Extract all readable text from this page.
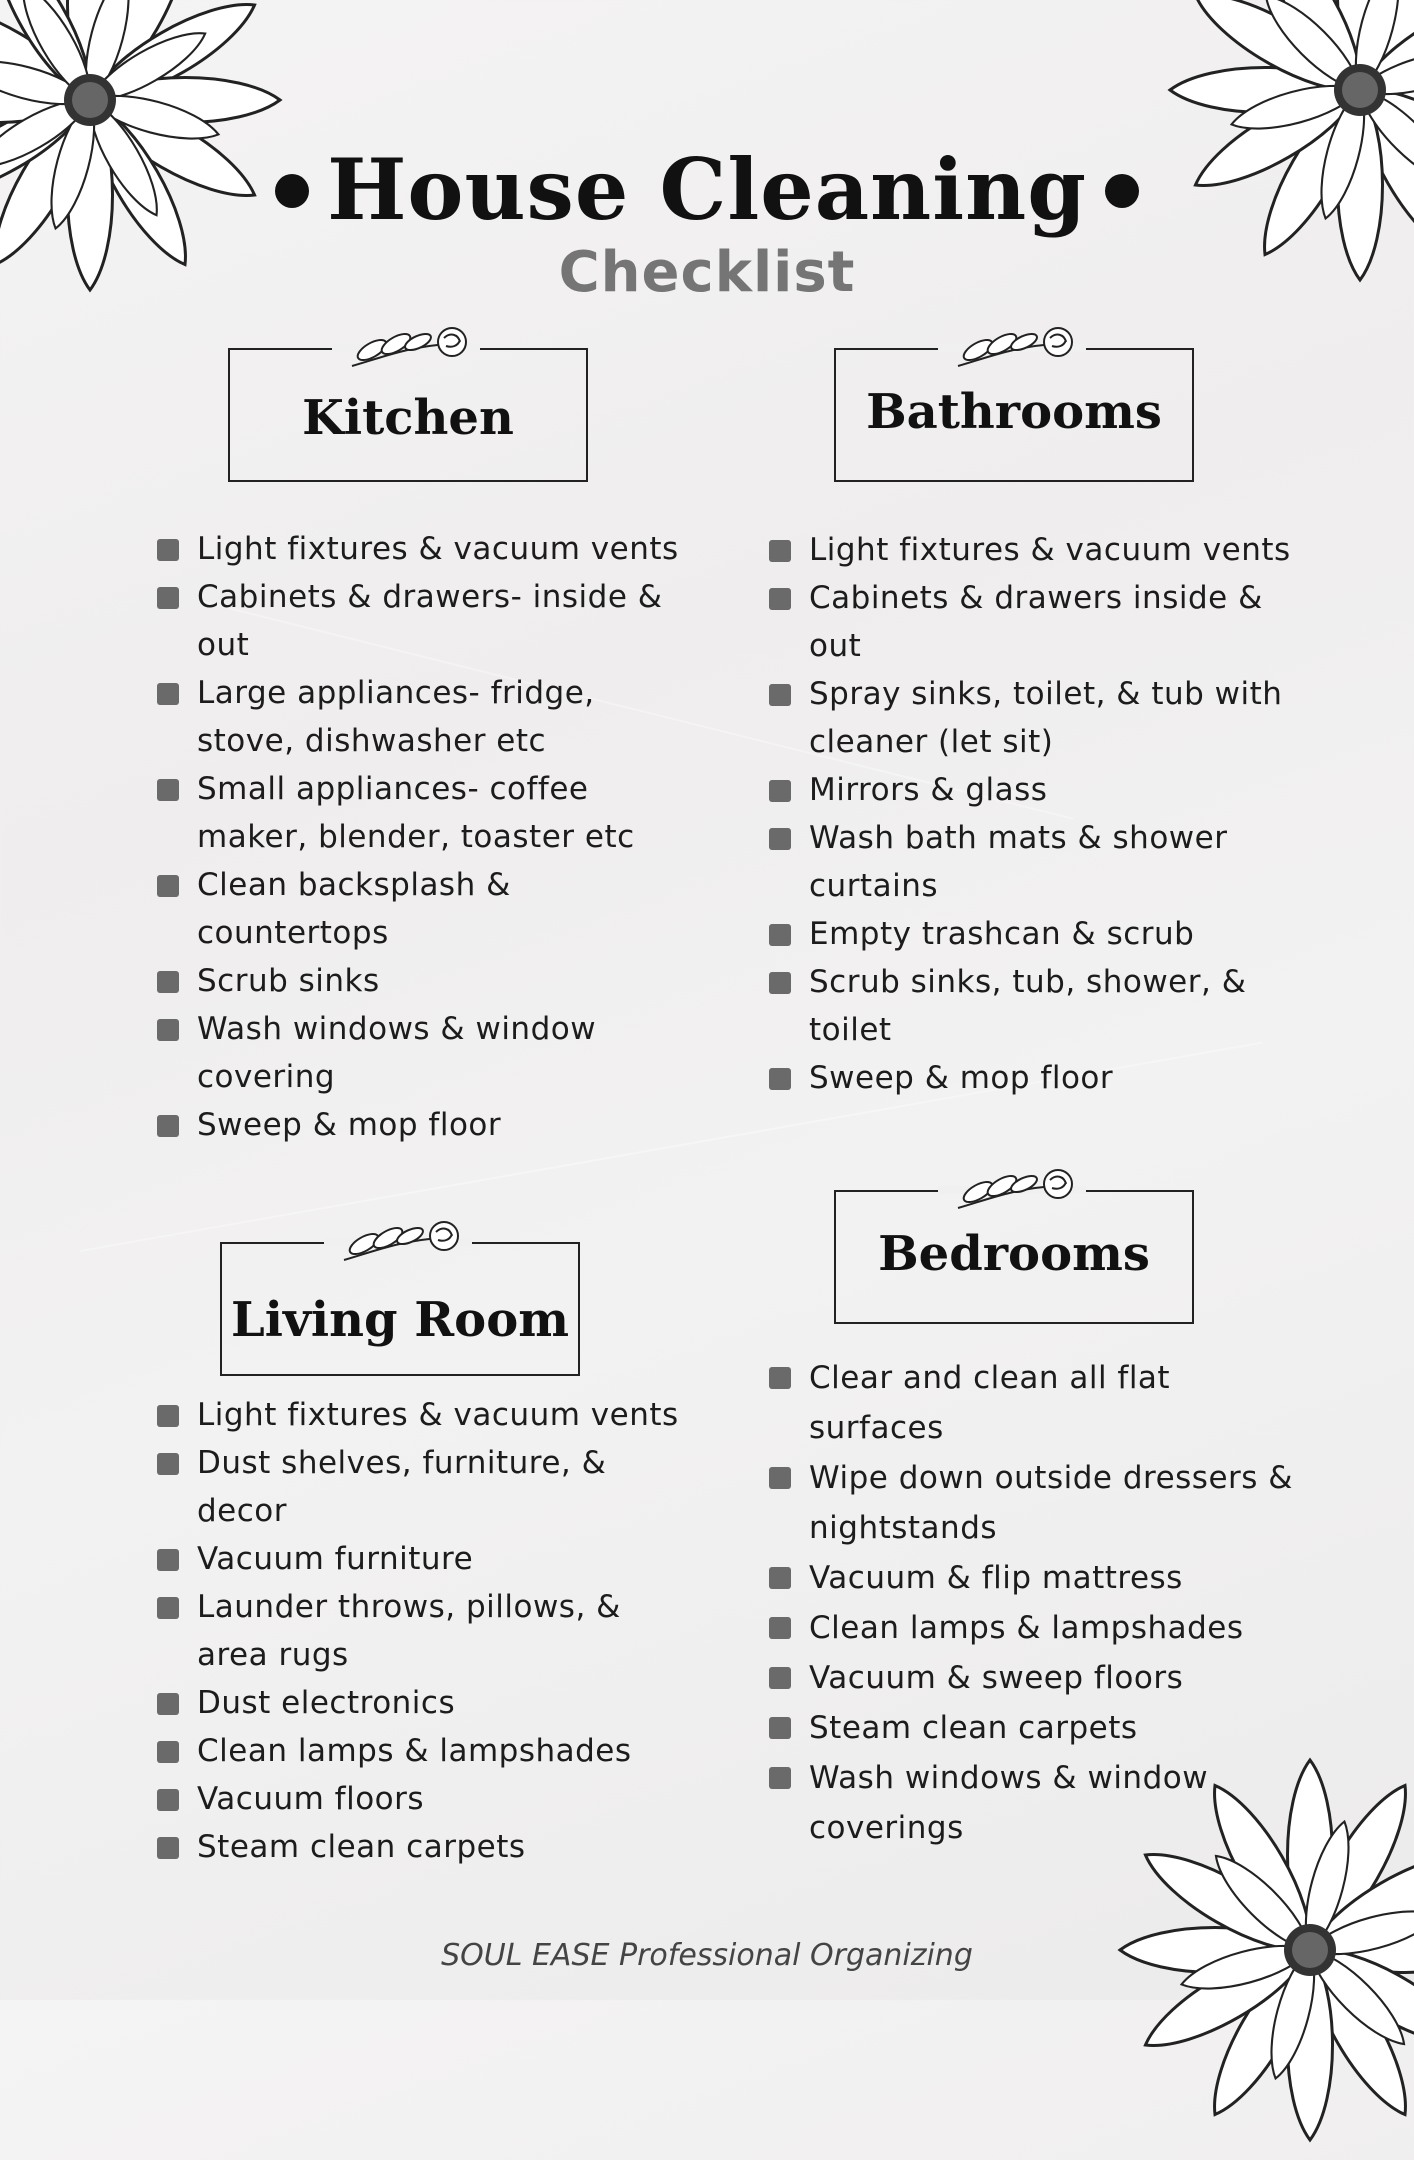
House Cleaning
Checklist
Kitchen
Light fixtures & vacuum vents
Cabinets & drawers- inside & out
Large appliances- fridge, stove, dishwasher etc
Small appliances- coffee maker, blender, toaster etc
Clean backsplash & countertops
Scrub sinks
Wash windows & window covering
Sweep & mop floor
Bathrooms
Light fixtures & vacuum vents
Cabinets & drawers inside & out
Spray sinks, toilet, & tub with cleaner (let sit)
Mirrors & glass
Wash bath mats & shower curtains
Empty trashcan & scrub
Scrub sinks, tub, shower, & toilet
Sweep & mop floor
Living Room
Light fixtures & vacuum vents
Dust shelves, furniture, & decor
Vacuum furniture
Launder throws, pillows, & area rugs
Dust electronics
Clean lamps & lampshades
Vacuum floors
Steam clean carpets
Bedrooms
Clear and clean all flat surfaces
Wipe down outside dressers & nightstands
Vacuum & flip mattress
Clean lamps & lampshades
Vacuum & sweep floors
Steam clean carpets
Wash windows & window coverings
SOUL EASE Professional Organizing
